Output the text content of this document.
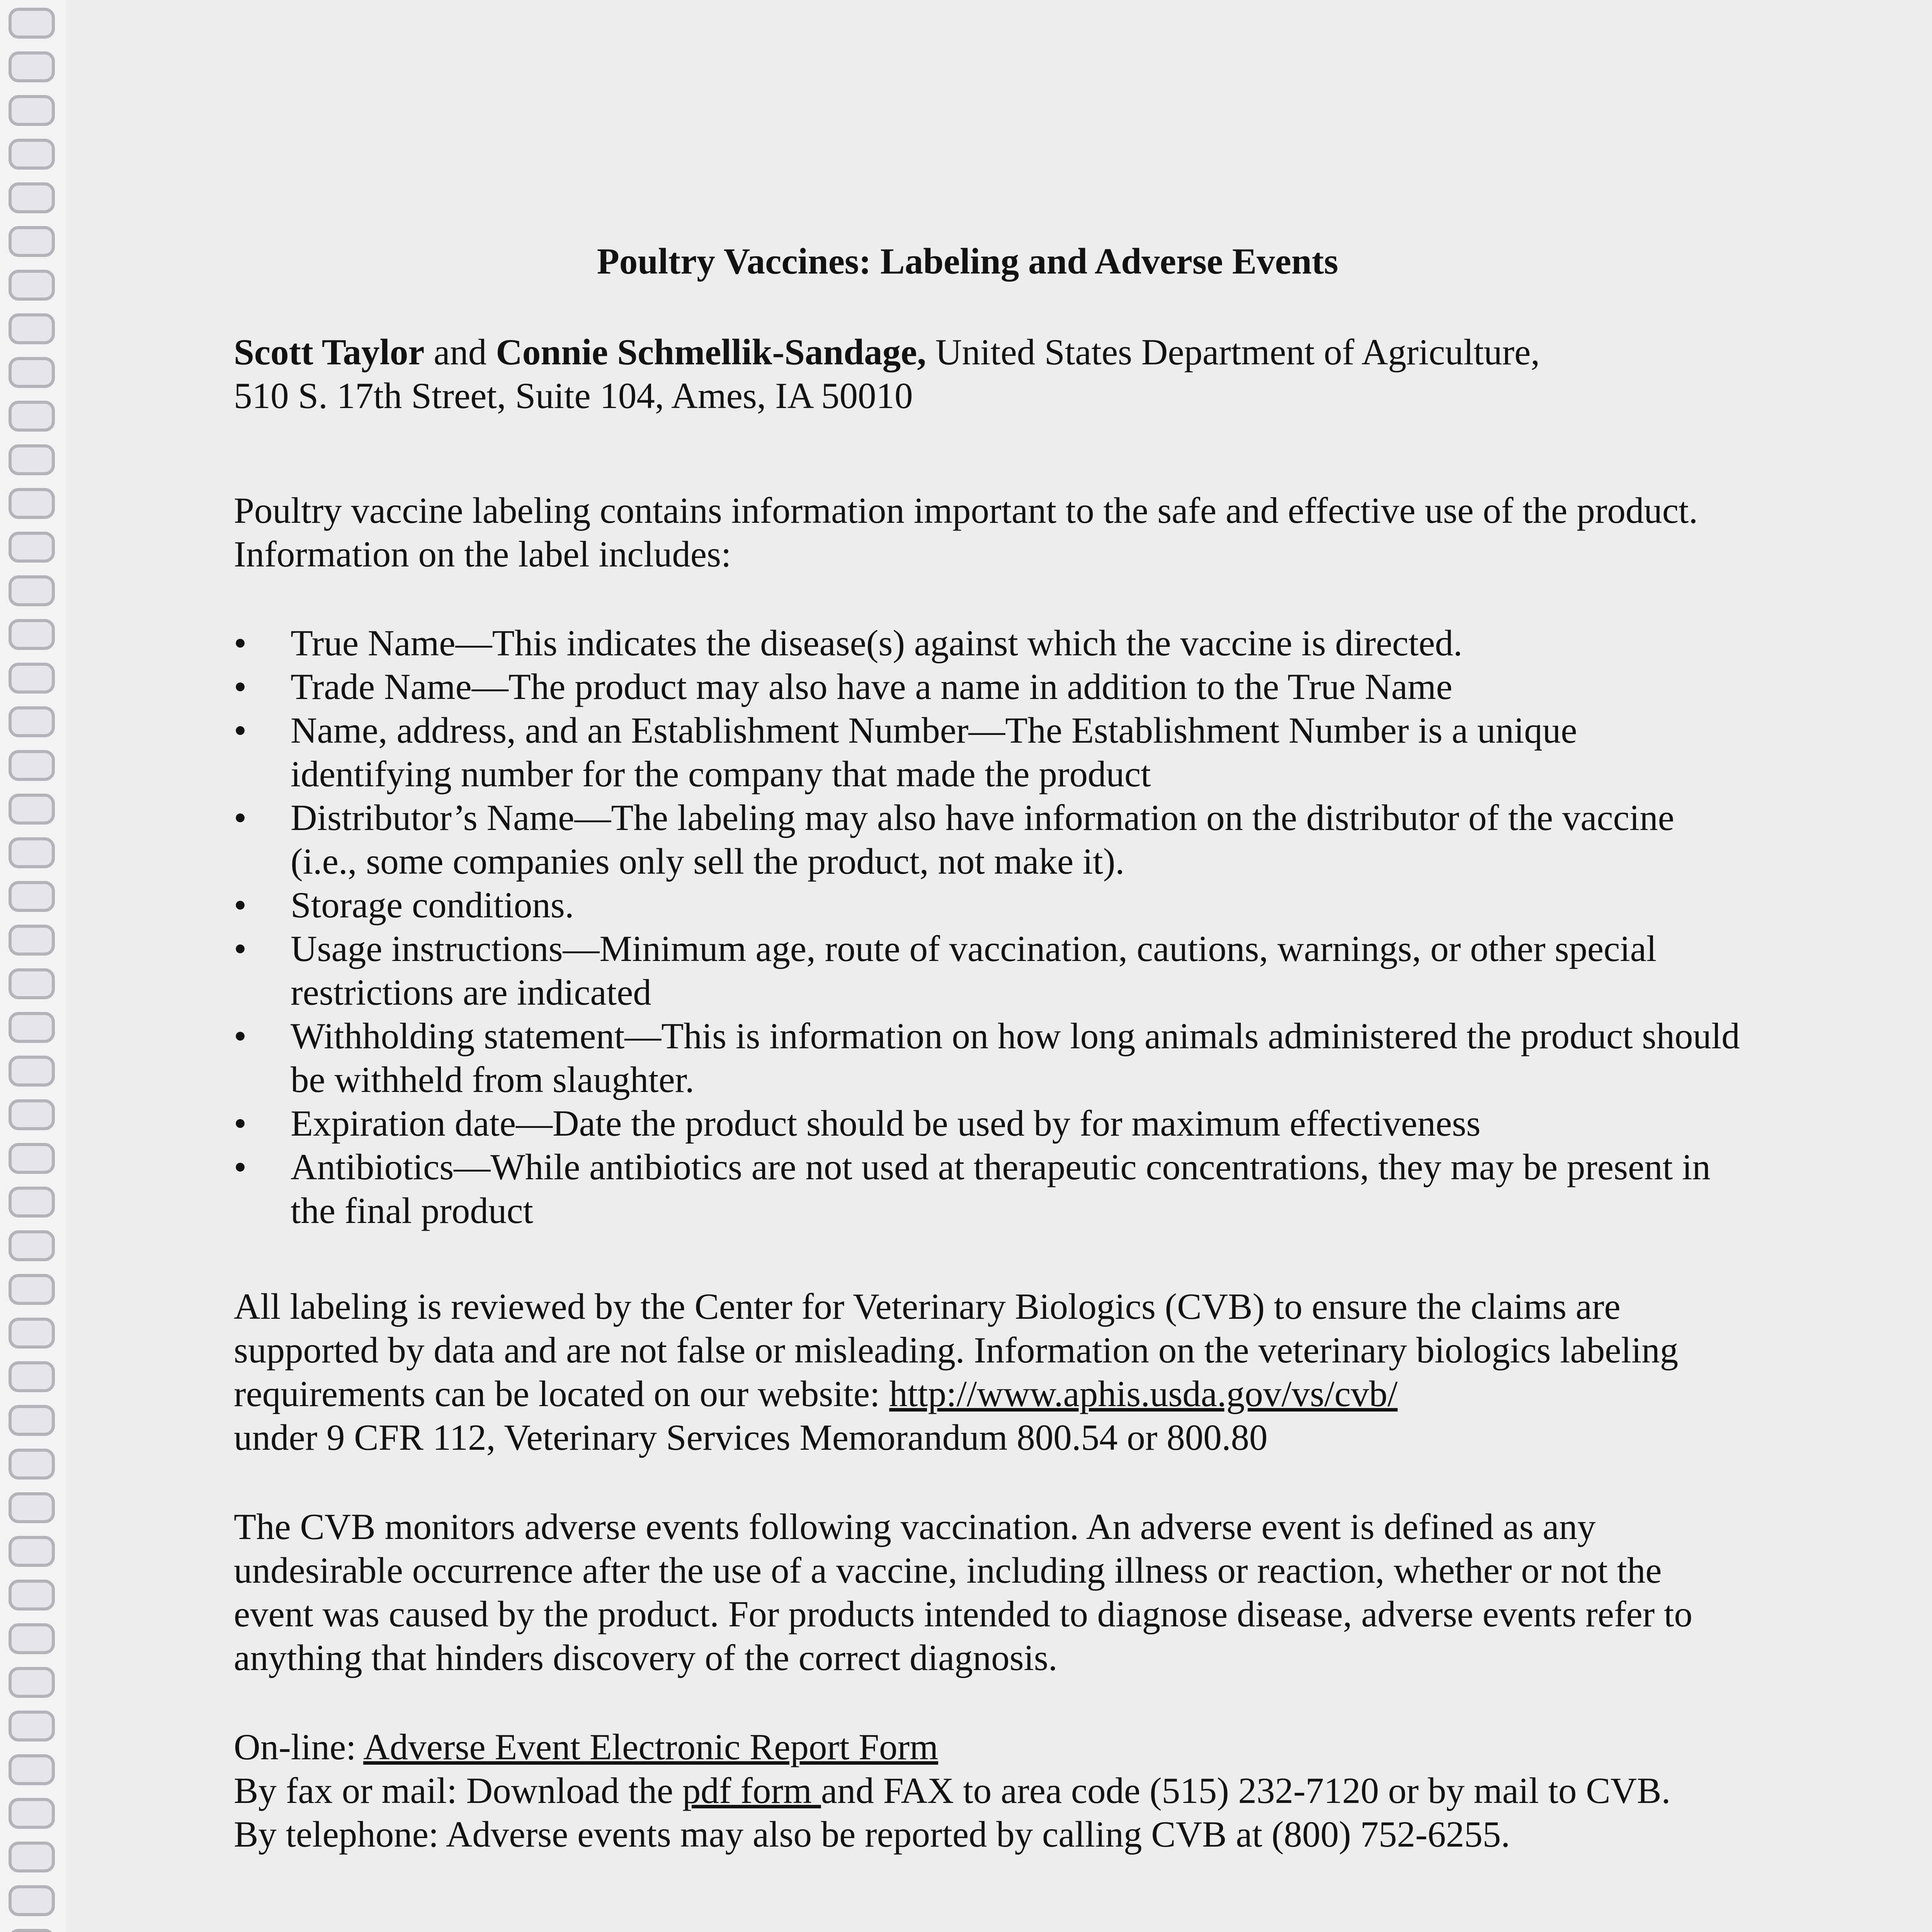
Poultry Vaccines: Labeling and Adverse Events

Scott Taylor and Connie Schmellik-Sandage, United States Department of Agriculture,
510 S. 17th Street, Suite 104, Ames, IA 50010

Poultry vaccine labeling contains information important to the safe and effective use of the product. Information on the label includes:

• True Name—This indicates the disease(s) against which the vaccine is directed.
• Trade Name—The product may also have a name in addition to the True Name
• Name, address, and an Establishment Number—The Establishment Number is a unique identifying number for the company that made the product
• Distributor’s Name—The labeling may also have information on the distributor of the vaccine (i.e., some companies only sell the product, not make it).
• Storage conditions.
• Usage instructions—Minimum age, route of vaccination, cautions, warnings, or other special restrictions are indicated
• Withholding statement—This is information on how long animals administered the product should be withheld from slaughter.
• Expiration date—Date the product should be used by for maximum effectiveness
• Antibiotics—While antibiotics are not used at therapeutic concentrations, they may be present in the final product

All labeling is reviewed by the Center for Veterinary Biologics (CVB) to ensure the claims are supported by data and are not false or misleading. Information on the veterinary biologics labeling requirements can be located on our website: http://www.aphis.usda.gov/vs/cvb/
under 9 CFR 112, Veterinary Services Memorandum 800.54 or 800.80

The CVB monitors adverse events following vaccination. An adverse event is defined as any undesirable occurrence after the use of a vaccine, including illness or reaction, whether or not the event was caused by the product. For products intended to diagnose disease, adverse events refer to anything that hinders discovery of the correct diagnosis.

On-line: Adverse Event Electronic Report Form
By fax or mail: Download the pdf form and FAX to area code (515) 232-7120 or by mail to CVB.
By telephone: Adverse events may also be reported by calling CVB at (800) 752-6255.
